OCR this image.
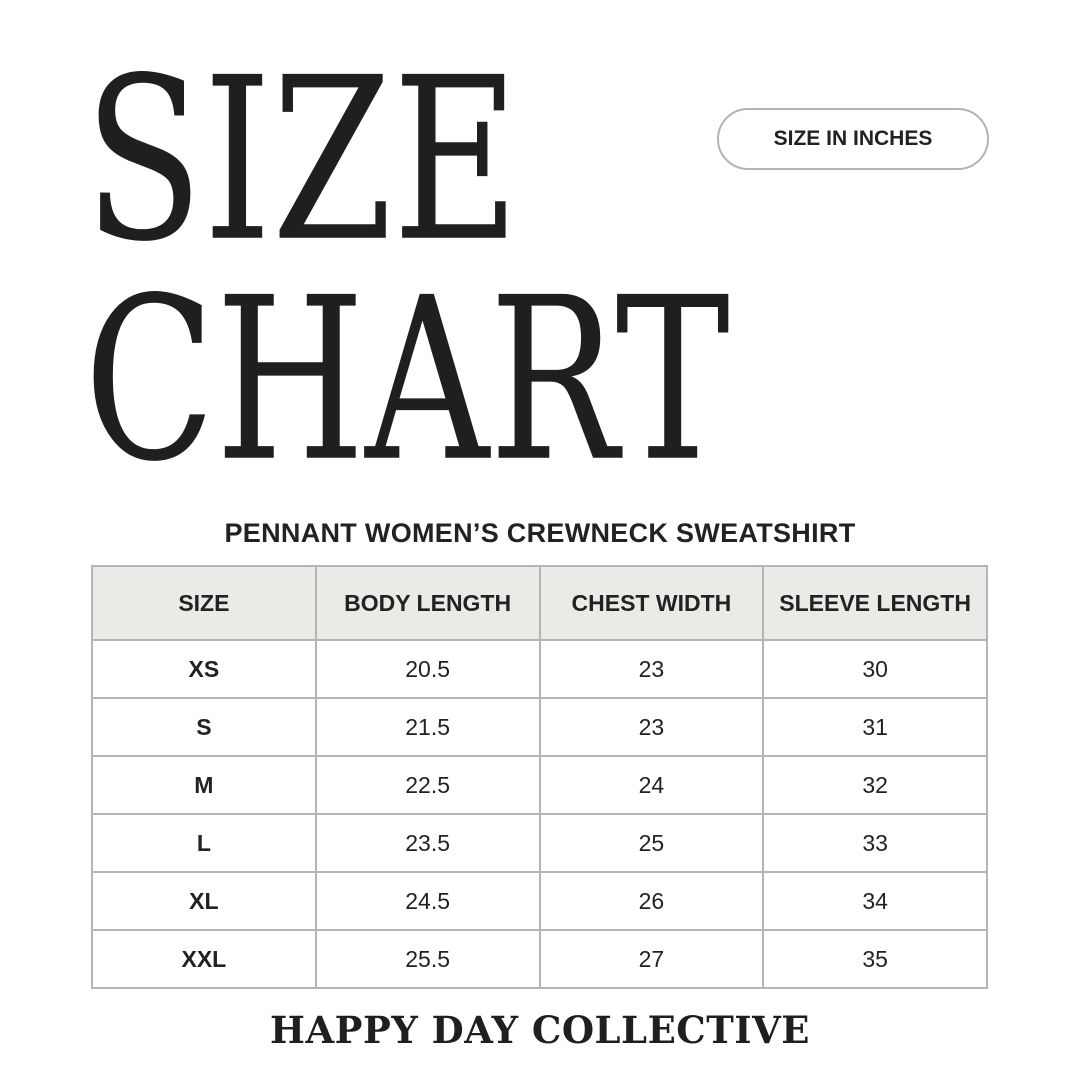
SIZE
CHART
SIZE IN INCHES
PENNANT WOMEN’S CREWNECK SWEATSHIRT
SIZE	BODY LENGTH	CHEST WIDTH	SLEEVE LENGTH
XS	20.5	23	30
S	21.5	23	31
M	22.5	24	32
L	23.5	25	33
XL	24.5	26	34
XXL	25.5	27	35
HAPPY DAY COLLECTIVE
